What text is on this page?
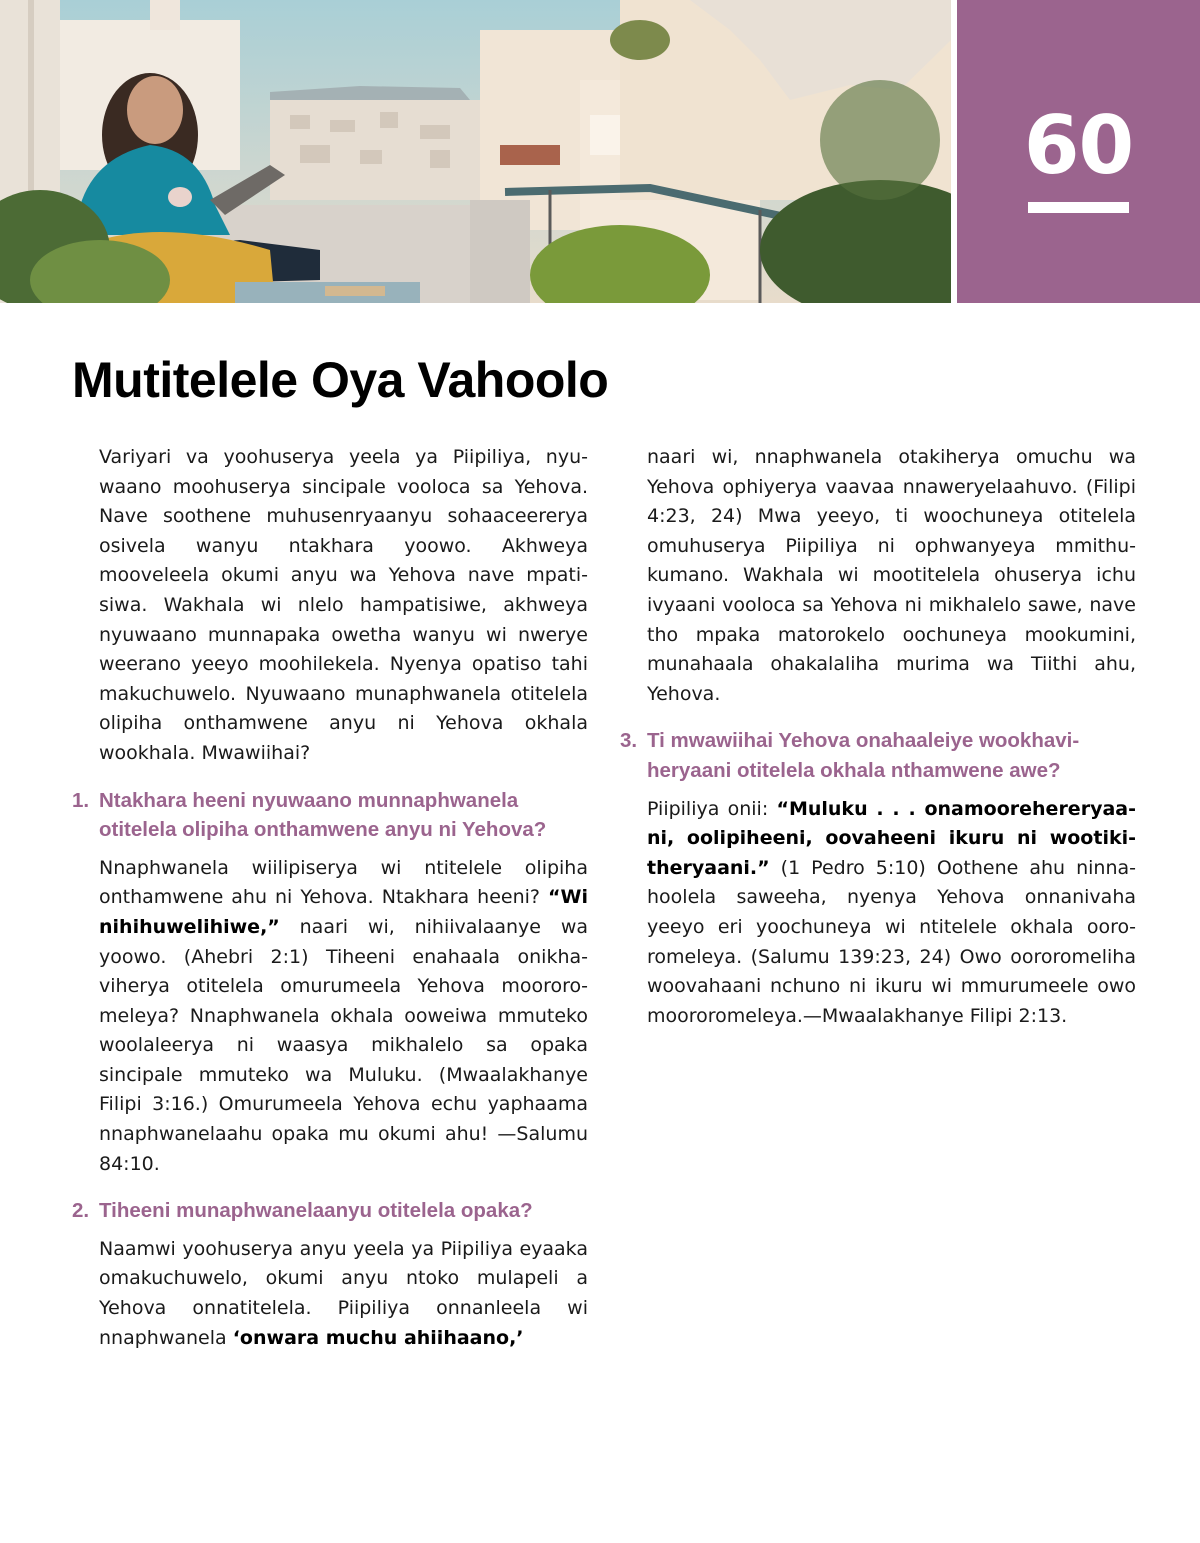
60
Mutitelele Oya Vahoolo

Variyari va yoohuserya yeela ya Piipiliya, nyuwaano moohuserya sincipale vooloca sa Yehova. Nave soothene muhusenryaanyu sohaaceererya osivela wanyu ntakhara yoowo. Akhweya mooveleela okumi anyu wa Yehova nave mpatisiwa. Wakhala wi nlelo hampatisiwe, akhweya nyuwaano munnapaka owetha wanyu wi nwerye weerano yeeyo moohilekela. Nyenya opatiso tahi makuchuwelo. Nyuwaano munaphwanela otitelela olipiha onthamwene anyu ni Yehova okhala wookhala. Mwawiihai?

1. Ntakhara heeni nyuwaano munnaphwanela otitelela olipiha onthamwene anyu ni Yehova?

Nnaphwanela wiilipiserya wi ntitelele olipiha onthamwene ahu ni Yehova. Ntakhara heeni? “Wi nihihuwelihiwe,” naari wi, nihiivalaanye wa yoowo. (Ahebri 2:1) Tiheeni enahaala onikhaviherya otitelela omurumeela Yehova moororomeleya? Nnaphwanela okhala ooweiwa mmuteko woolaleerya ni waasya mikhalelo sa opaka sincipale mmuteko wa Muluku. (Mwaalakhanye Filipi 3:16.) Omurumeela Yehova echu yaphaama nnaphwanelaahu opaka mu okumi ahu! —Salumu 84:10.

2. Tiheeni munaphwanelaanyu otitelela opaka?

Naamwi yoohuserya anyu yeela ya Piipiliya eyaaka omakuchuwelo, okumi anyu ntoko mulapeli a Yehova onnatitelela. Piipiliya onnanleela wi nnaphwanela ‘onwara muchu ahiihaano,’

naari wi, nnaphwanela otakiherya omuchu wa Yehova ophiyerya vaavaa nnaweryelaahuvo. (Filipi 4:23, 24) Mwa yeeyo, ti woochuneya otitelela omuhuserya Piipiliya ni ophwanyeya mmithukumano. Wakhala wi mootitelela ohuserya ichu ivyaani vooloca sa Yehova ni mikhalelo sawe, nave tho mpaka matorokelo oochuneya mookumini, munahaala ohakalaliha murima wa Tiithi ahu, Yehova.

3. Ti mwawiihai Yehova onahaaleiye wookhaviheryaani otitelela okhala nthamwene awe?

Piipiliya onii: “Muluku . . . onamoorehereryaani, oolipiheeni, oovaheeni ikuru ni wootikitheryaani.” (1 Pedro 5:10) Oothene ahu ninnahoolela saweeha, nyenya Yehova onnanivaha yeeyo eri yoochuneya wi ntitelele okhala oororomeleya. (Salumu 139:23, 24) Owo oororomeliha woovahaani nchuno ni ikuru wi mmurumeele owo moororomeleya.—Mwaalakhanye Filipi 2:13.
